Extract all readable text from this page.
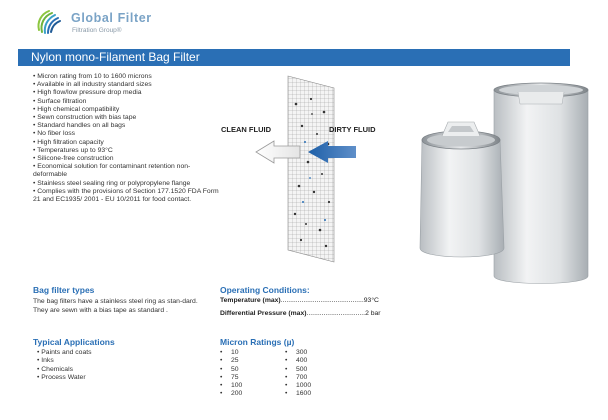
Global Filter
Filtration Group®
Nylon mono-Filament Bag Filter
• Micron rating from 10 to 1600 microns
• Available in all industry standard sizes
• High flow/low pressure drop media
• Surface filtration
• High chemical compatibility
• Sewn construction with bias tape
• Standard handles on all bags
• No fiber loss
• High filtration capacity
• Temperatures up to 93°C
• Silicone-free construction
• Economical solution for contaminant retention non-deformable
• Stainless steel sealing ring or polypropylene flange
• Complies with the provisions of Section 177.1520 FDA Form 21 and EC1935/ 2001 - EU 10/2011 for food contact.
CLEAN FLUID	DIRTY FLUID
Bag filter types

The bag filters have a stainless steel ring as stan-dard. They are sewn with a bias tape as standard .

Typical Applications
• Paints and coats
• Inks
• Chemicals
• Process Water
Operating Conditions:
Temperature (max)............................................93°C
Differential Pressure (max)...............................2 bar
Micron Ratings (µ)
• 10
• 25
• 50
• 75
• 100
• 200
• 300
• 400
• 500
• 700
• 1000
• 1600
